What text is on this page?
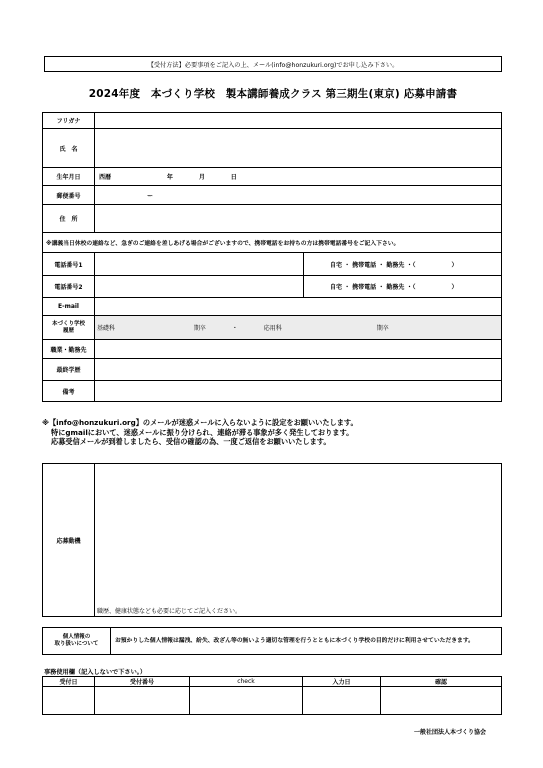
【受付方法】必要事項をご記入の上、メール(info@honzukuri.org)でお申し込み下さい。
2024年度　本づくり学校　製本講師養成クラス 第三期生(東京) 応募申請書
フリガナ		
氏　名		
生年月日	西暦 年 月 日	
郵便番号	ー	
住　所		
※講義当日休校の連絡など、急ぎのご連絡を差しあげる場合がございますので、携帯電話をお持ちの方は携帯電話番号をご記入下さい。		
電話番号1		自宅 ・ 携帯電話 ・ 勤務先 ・（　　　　　　）
電話番号2		自宅 ・ 携帯電話 ・ 勤務先 ・（　　　　　　）
E-mail		

本づくり学校
履歴	基礎科 期卒 ・ 応用科 期卒	
職業・勤務先		
最終学歴		
備考		
※【info@honzukuri.org】のメールが迷惑メールに入らないように設定をお願いいたします。
特にgmailにおいて、迷惑メールに振り分けられ、連絡が滞る事象が多く発生しております。
応募受信メールが到着しましたら、受信の確認の為、一度ご返信をお願いいたします。
応募動機	職歴、健康状態なども必要に応じてご記入ください。
個人情報の
取り扱いについて	お預かりした個人情報は漏洩、紛失、改ざん等の無いよう適切な管理を行うとともに本づくり学校の目的だけに利用させていただきます。
事務使用欄（記入しないで下さい。）
受付日	受付番号	check	入力日	確認

一般社団法人本づくり協会
